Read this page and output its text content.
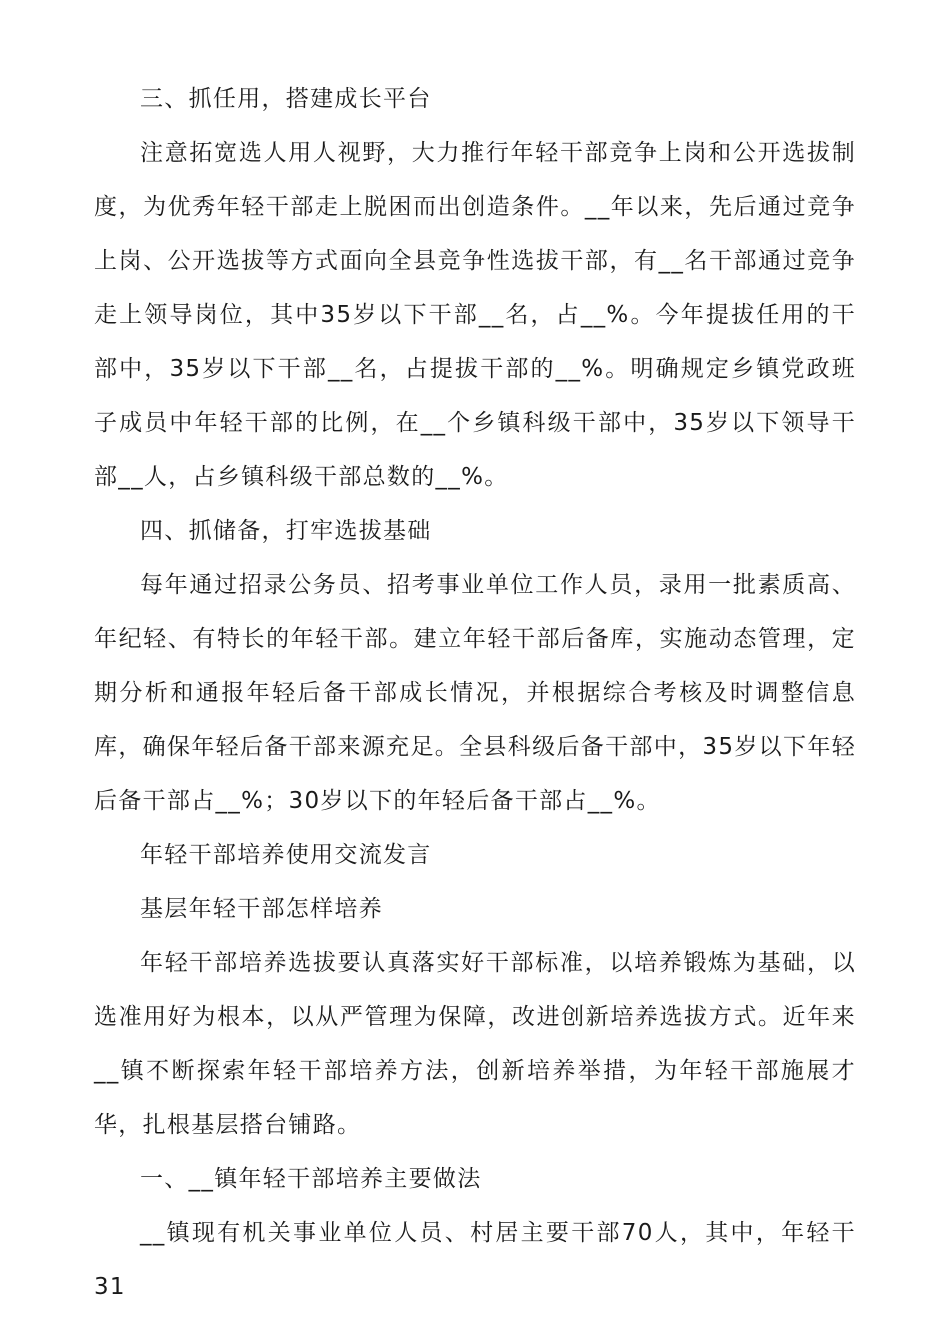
三、抓任用，搭建成长平台

注意拓宽选人用人视野，大力推行年轻干部竞争上岗和公开选拔制度，为优秀年轻干部走上脱困而出创造条件。__年以来，先后通过竞争上岗、公开选拔等方式面向全县竞争性选拔干部，有__名干部通过竞争走上领导岗位，其中35岁以下干部__名，占__%。今年提拔任用的干部中，35岁以下干部__名，占提拔干部的__%。明确规定乡镇党政班子成员中年轻干部的比例，在__个乡镇科级干部中，35岁以下领导干部__人，占乡镇科级干部总数的__%。

四、抓储备，打牢选拔基础

每年通过招录公务员、招考事业单位工作人员，录用一批素质高、年纪轻、有特长的年轻干部。建立年轻干部后备库，实施动态管理，定期分析和通报年轻后备干部成长情况，并根据综合考核及时调整信息库，确保年轻后备干部来源充足。全县科级后备干部中，35岁以下年轻后备干部占__%；30岁以下的年轻后备干部占__%。

年轻干部培养使用交流发言

基层年轻干部怎样培养

年轻干部培养选拔要认真落实好干部标准，以培养锻炼为基础，以选准用好为根本，以从严管理为保障，改进创新培养选拔方式。近年来__镇不断探索年轻干部培养方法，创新培养举措，为年轻干部施展才华，扎根基层搭台铺路。

一、__镇年轻干部培养主要做法

__镇现有机关事业单位人员、村居主要干部70人，其中，年轻干31
